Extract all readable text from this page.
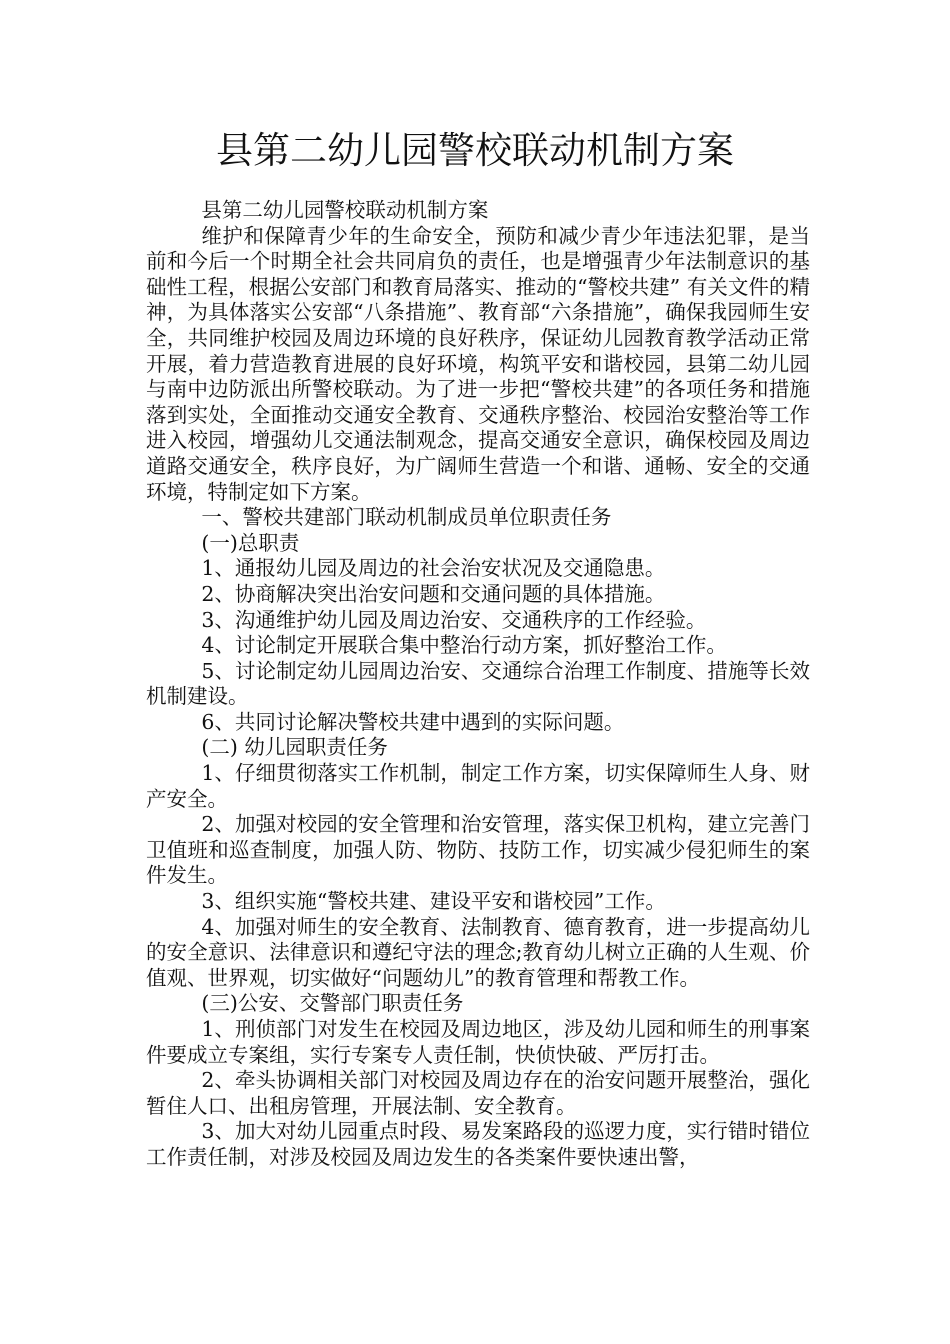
县第二幼儿园警校联动机制方案

县第二幼儿园警校联动机制方案

维护和保障青少年的生命安全，预防和减少青少年违法犯罪，是当前和今后一个时期全社会共同肩负的责任，也是增强青少年法制意识的基础性工程，根据公安部门和教育局落实、推动的“警校共建” 有关文件的精神，为具体落实公安部“八条措施”、教育部“六条措施”，确保我园师生安全，共同维护校园及周边环境的良好秩序，保证幼儿园教育教学活动正常开展，着力营造教育进展的良好环境，构筑平安和谐校园，县第二幼儿园与南中边防派出所警校联动。为了进一步把“警校共建”的各项任务和措施落到实处，全面推动交通安全教育、交通秩序整治、校园治安整治等工作进入校园，增强幼儿交通法制观念，提高交通安全意识，确保校园及周边道路交通安全，秩序良好，为广阔师生营造一个和谐、通畅、安全的交通环境，特制定如下方案。

一、警校共建部门联动机制成员单位职责任务

(一)总职责

1、通报幼儿园及周边的社会治安状况及交通隐患。

2、协商解决突出治安问题和交通问题的具体措施。

3、沟通维护幼儿园及周边治安、交通秩序的工作经验。

4、讨论制定开展联合集中整治行动方案，抓好整治工作。

5、讨论制定幼儿园周边治安、交通综合治理工作制度、措施等长效机制建设。

6、共同讨论解决警校共建中遇到的实际问题。

(二) 幼儿园职责任务

1、仔细贯彻落实工作机制，制定工作方案，切实保障师生人身、财产安全。

2、加强对校园的安全管理和治安管理，落实保卫机构，建立完善门卫值班和巡查制度，加强人防、物防、技防工作，切实减少侵犯师生的案件发生。

3、组织实施“警校共建、建设平安和谐校园”工作。

4、加强对师生的安全教育、法制教育、德育教育，进一步提高幼儿的安全意识、法律意识和遵纪守法的理念;教育幼儿树立正确的人生观、价值观、世界观，切实做好“问题幼儿”的教育管理和帮教工作。

(三)公安、交警部门职责任务

1、刑侦部门对发生在校园及周边地区，涉及幼儿园和师生的刑事案件要成立专案组，实行专案专人责任制，快侦快破、严厉打击。

2、牵头协调相关部门对校园及周边存在的治安问题开展整治，强化暂住人口、出租房管理，开展法制、安全教育。

3、加大对幼儿园重点时段、易发案路段的巡逻力度，实行错时错位工作责任制，对涉及校园及周边发生的各类案件要快速出警，
